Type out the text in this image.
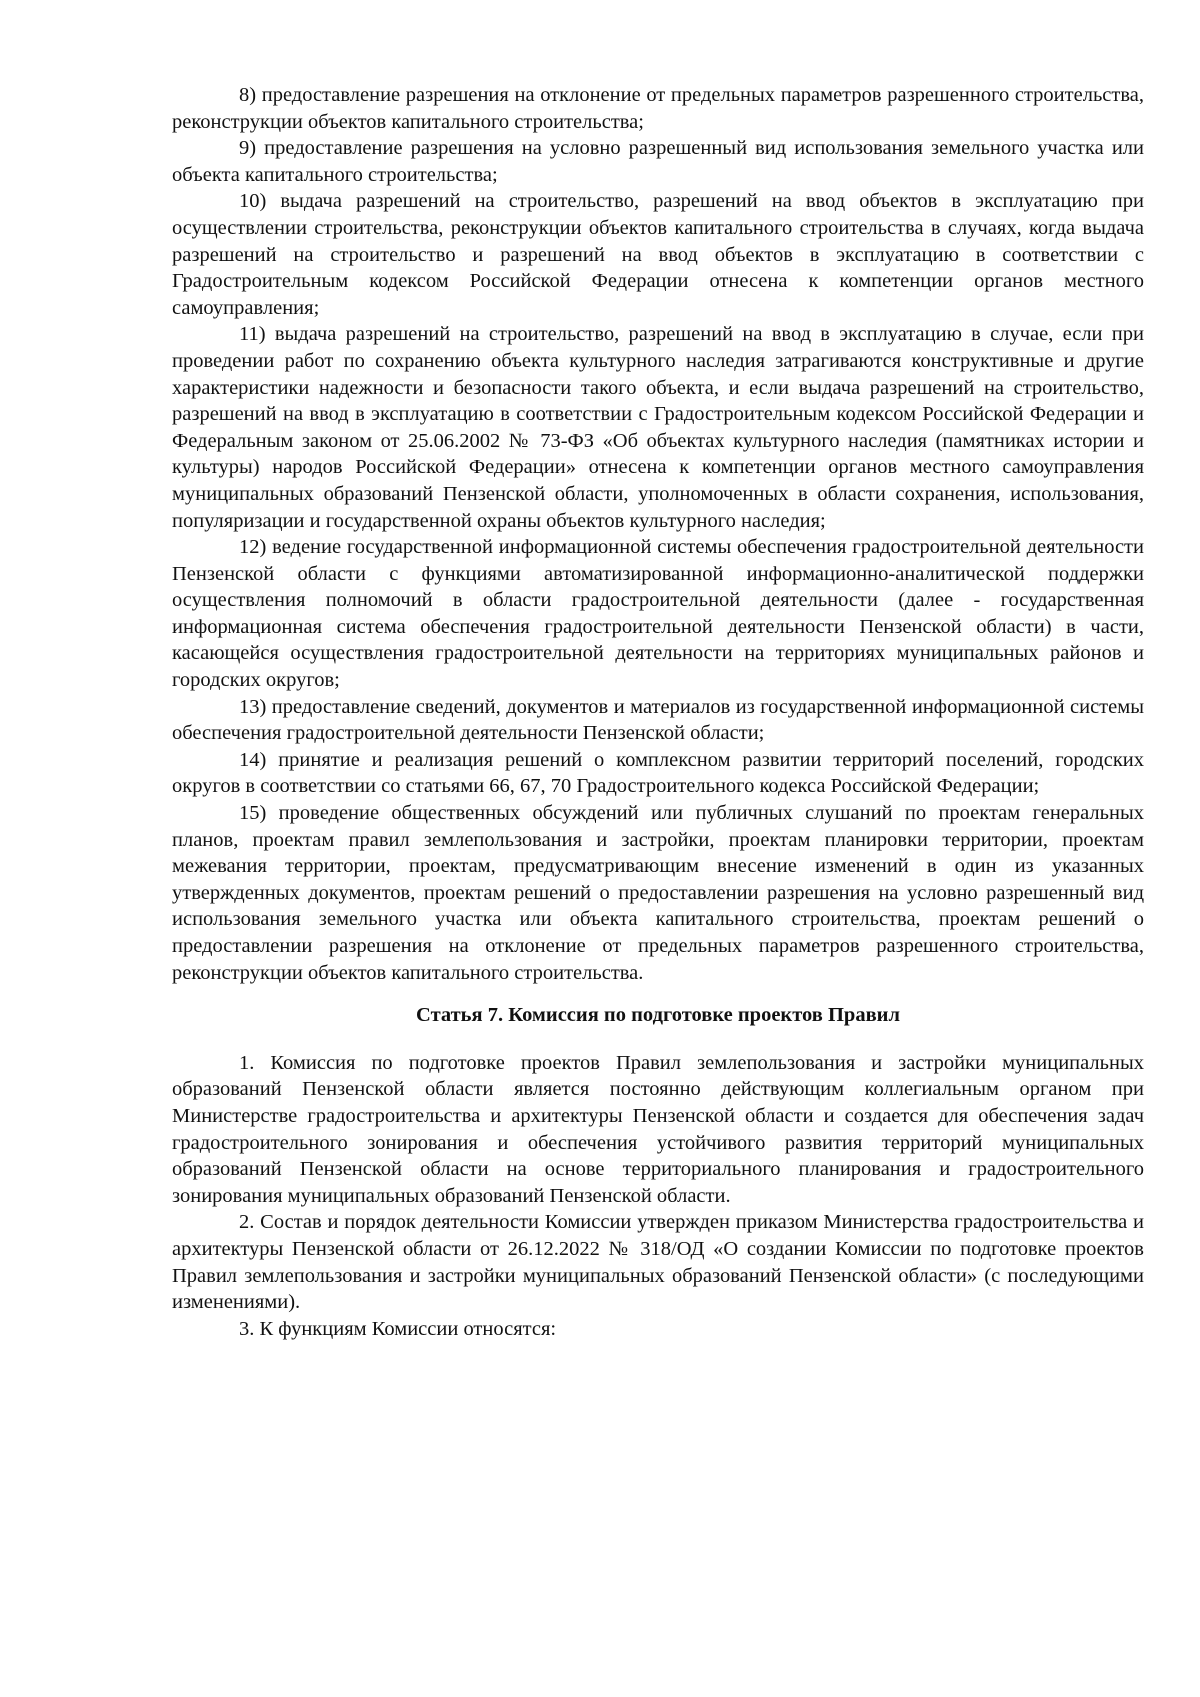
8) предоставление разрешения на отклонение от предельных параметров разрешенного строительства, реконструкции объектов капитального строительства;

9) предоставление разрешения на условно разрешенный вид использования земельного участка или объекта капитального строительства;

10) выдача разрешений на строительство, разрешений на ввод объектов в эксплуатацию при осуществлении строительства, реконструкции объектов капитального строительства в случаях, когда выдача разрешений на строительство и разрешений на ввод объектов в эксплуатацию в соответствии с Градостроительным кодексом Российской Федерации отнесена к компетенции органов местного самоуправления;

11) выдача разрешений на строительство, разрешений на ввод в эксплуатацию в случае, если при проведении работ по сохранению объекта культурного наследия затрагиваются конструктивные и другие характеристики надежности и безопасности такого объекта, и если выдача разрешений на строительство, разрешений на ввод в эксплуатацию в соответствии с Градостроительным кодексом Российской Федерации и Федеральным законом от 25.06.2002 № 73-ФЗ «Об объектах культурного наследия (памятниках истории и культуры) народов Российской Федерации» отнесена к компетенции органов местного самоуправления муниципальных образований Пензенской области, уполномоченных в области сохранения, использования, популяризации и государственной охраны объектов культурного наследия;

12) ведение государственной информационной системы обеспечения градостроительной деятельности Пензенской области с функциями автоматизированной информационно-аналитической поддержки осуществления полномочий в области градостроительной деятельности (далее - государственная информационная система обеспечения градостроительной деятельности Пензенской области) в части, касающейся осуществления градостроительной деятельности на территориях муниципальных районов и городских округов;

13) предоставление сведений, документов и материалов из государственной информационной системы обеспечения градостроительной деятельности Пензенской области;

14) принятие и реализация решений о комплексном развитии территорий поселений, городских округов в соответствии со статьями 66, 67, 70 Градостроительного кодекса Российской Федерации;

15) проведение общественных обсуждений или публичных слушаний по проектам генеральных планов, проектам правил землепользования и застройки, проектам планировки территории, проектам межевания территории, проектам, предусматривающим внесение изменений в один из указанных утвержденных документов, проектам решений о предоставлении разрешения на условно разрешенный вид использования земельного участка или объекта капитального строительства, проектам решений о предоставлении разрешения на отклонение от предельных параметров разрешенного строительства, реконструкции объектов капитального строительства.

Статья 7. Комиссия по подготовке проектов Правил

1. Комиссия по подготовке проектов Правил землепользования и застройки муниципальных образований Пензенской области является постоянно действующим коллегиальным органом при Министерстве градостроительства и архитектуры Пензенской области и создается для обеспечения задач градостроительного зонирования и обеспечения устойчивого развития территорий муниципальных образований Пензенской области на основе территориального планирования и градостроительного зонирования муниципальных образований Пензенской области.

2. Состав и порядок деятельности Комиссии утвержден приказом Министерства градостроительства и архитектуры Пензенской области от 26.12.2022 № 318/ОД «О создании Комиссии по подготовке проектов Правил землепользования и застройки муниципальных образований Пензенской области» (с последующими изменениями).

3. К функциям Комиссии относятся:
